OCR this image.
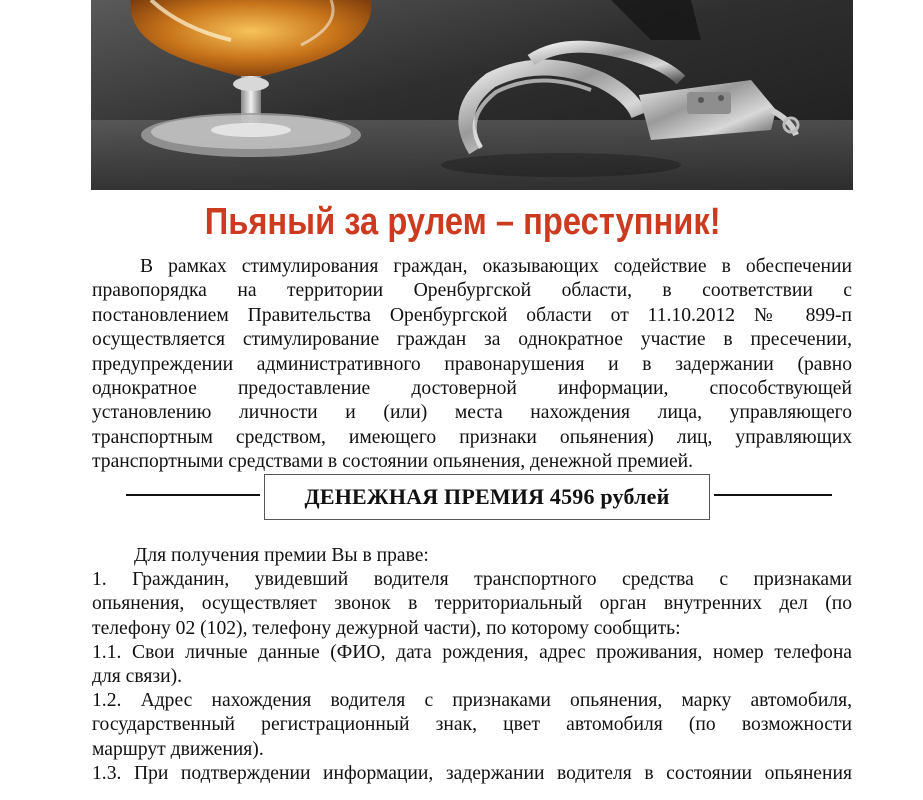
Пьяный за рулем – преступник!
В рамках стимулирования граждан, оказывающих содействие в обеспечении
правопорядка на территории Оренбургской области, в соответствии с
постановлением Правительства Оренбургской области от 11.10.2012 № 899-п
осуществляется стимулирование граждан за однократное участие в пресечении,
предупреждении административного правонарушения и в задержании (равно
однократное предоставление достоверной информации, способствующей
установлению личности и (или) места нахождения лица, управляющего
транспортным средством, имеющего признаки опьянения) лиц, управляющих
транспортными средствами в состоянии опьянения, денежной премией.
ДЕНЕЖНАЯ ПРЕМИЯ 4596 рублей
Для получения премии Вы в праве:
1. Гражданин, увидевший водителя транспортного средства с признаками
опьянения, осуществляет звонок в территориальный орган внутренних дел (по
телефону 02 (102), телефону дежурной части), по которому сообщить:
1.1. Свои личные данные (ФИО, дата рождения, адрес проживания, номер телефона
для связи).
1.2. Адрес нахождения водителя с признаками опьянения, марку автомобиля,
государственный регистрационный знак, цвет автомобиля (по возможности
маршрут движения).
1.3. При подтверждении информации, задержании водителя в состоянии опьянения
